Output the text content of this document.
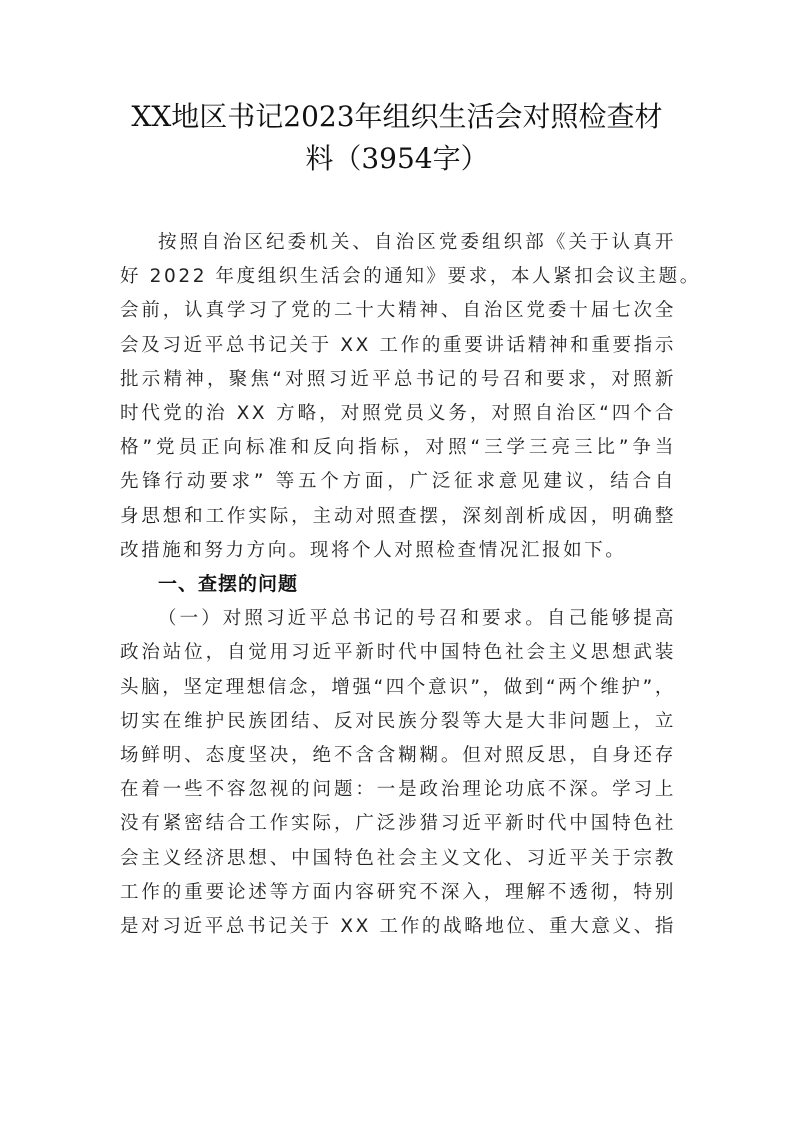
XX地区书记2023年组织生活会对照检查材
料（3954字）
按照自治区纪委机关、自治区党委组织部《关于认真开
好 2022 年度组织生活会的通知》要求，本人紧扣会议主题。
会前，认真学习了党的二十大精神、自治区党委十届七次全
会及习近平总书记关于 XX 工作的重要讲话精神和重要指示
批示精神，聚焦“对照习近平总书记的号召和要求，对照新
时代党的治 XX 方略，对照党员义务，对照自治区“四个合
格”党员正向标准和反向指标，对照“三学三亮三比”争当
先锋行动要求” 等五个方面，广泛征求意见建议，结合自
身思想和工作实际，主动对照查摆，深刻剖析成因，明确整
改措施和努力方向。现将个人对照检查情况汇报如下。
一、查摆的问题
（一）对照习近平总书记的号召和要求。自己能够提高
政治站位，自觉用习近平新时代中国特色社会主义思想武装
头脑，坚定理想信念，增强“四个意识”，做到“两个维护”，
切实在维护民族团结、反对民族分裂等大是大非问题上，立
场鲜明、态度坚决，绝不含含糊糊。但对照反思，自身还存
在着一些不容忽视的问题：一是政治理论功底不深。学习上
没有紧密结合工作实际，广泛涉猎习近平新时代中国特色社
会主义经济思想、中国特色社会主义文化、习近平关于宗教
工作的重要论述等方面内容研究不深入，理解不透彻，特别
是对习近平总书记关于 XX 工作的战略地位、重大意义、指
